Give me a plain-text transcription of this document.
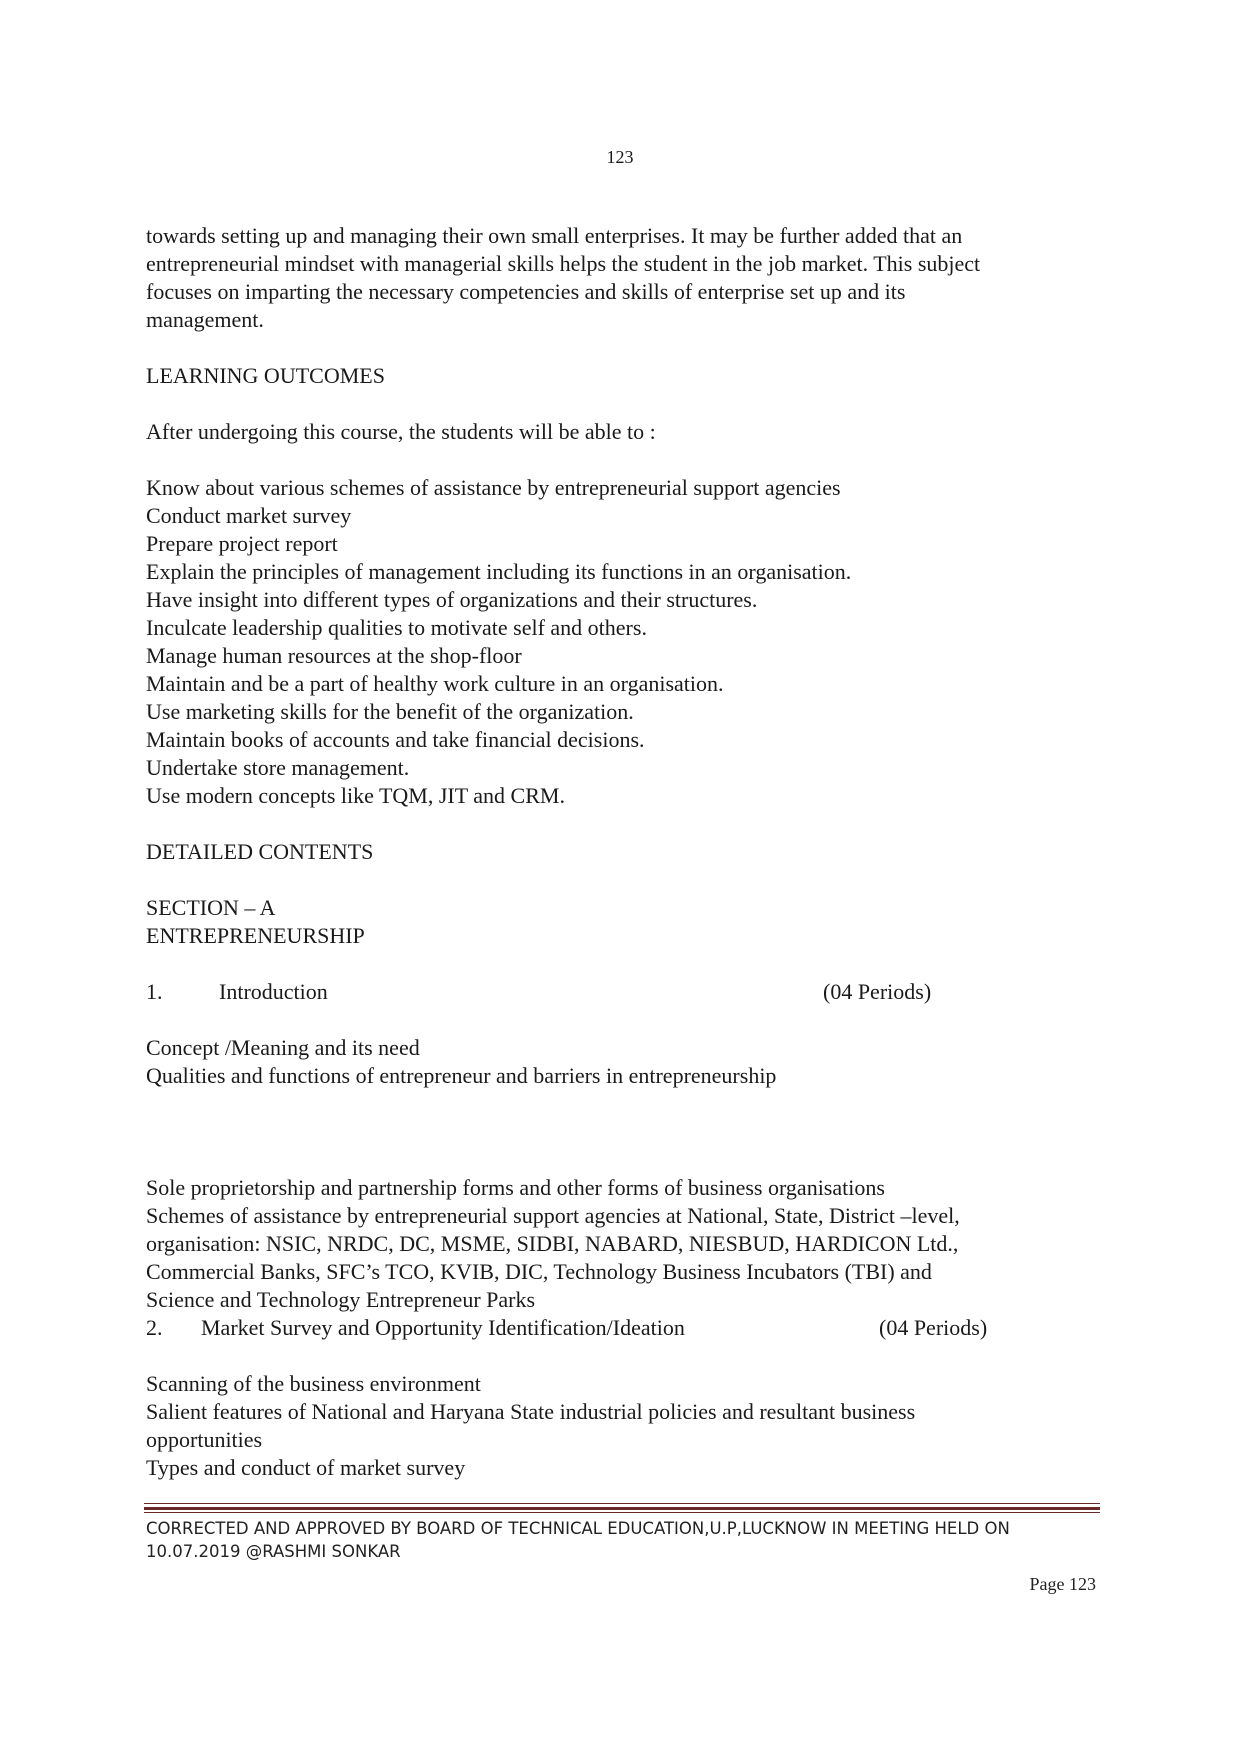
123

towards setting up and managing their own small enterprises. It may be further added that an

entrepreneurial mindset with managerial skills helps the student in the job market. This subject

focuses on imparting the necessary competencies and skills of enterprise set up and its

management.

LEARNING OUTCOMES

After undergoing this course, the students will be able to :

Know about various schemes of assistance by entrepreneurial support agencies

Conduct market survey

Prepare project report

Explain the principles of management including its functions in an organisation.

Have insight into different types of organizations and their structures.

Inculcate leadership qualities to motivate self and others.

Manage human resources at the shop-floor

Maintain and be a part of healthy work culture in an organisation.

Use marketing skills for the benefit of the organization.

Maintain books of accounts and take financial decisions.

Undertake store management.

Use modern concepts like TQM, JIT and CRM.

DETAILED CONTENTS

SECTION – A

ENTREPRENEURSHIP

1.	Introduction	(04 Periods)

Concept /Meaning and its need

Qualities and functions of entrepreneur and barriers in entrepreneurship

Sole proprietorship and partnership forms and other forms of business organisations

Schemes of assistance by entrepreneurial support agencies at National, State, District –level,

organisation: NSIC, NRDC, DC, MSME, SIDBI, NABARD, NIESBUD, HARDICON Ltd.,

Commercial Banks, SFC’s TCO, KVIB, DIC, Technology Business Incubators (TBI) and

Science and Technology Entrepreneur Parks

2. Market Survey and Opportunity Identification/Ideation	(04 Periods)

Scanning of the business environment

Salient features of National and Haryana State industrial policies and resultant business

opportunities

Types and conduct of market survey

CORRECTED AND APPROVED BY BOARD OF TECHNICAL EDUCATION,U.P,LUCKNOW IN MEETING HELD ON
10.07.2019 @RASHMI SONKAR
Page 123
